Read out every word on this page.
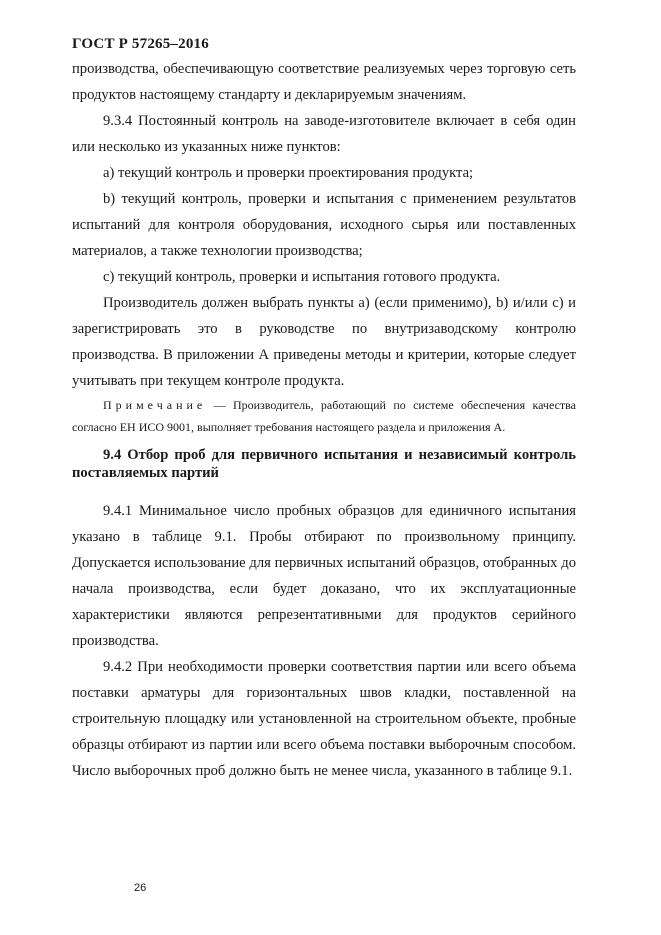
ГОСТ Р 57265–2016

производства, обеспечивающую соответствие реализуемых через торговую сеть продуктов настоящему стандарту и декларируемым значениям.

9.3.4 Постоянный контроль на заводе-изготовителе включает в себя один или несколько из указанных ниже пунктов:

а) текущий контроль и проверки проектирования продукта;

b) текущий контроль, проверки и испытания с применением результатов испытаний для контроля оборудования, исходного сырья или поставленных материалов, а также технологии производства;

с) текущий контроль, проверки и испытания готового продукта.

Производитель должен выбрать пункты а) (если применимо), b) и/или с) и зарегистрировать это в руководстве по внутризаводскому контролю производства. В приложении А приведены методы и критерии, которые следует учитывать при текущем контроле продукта.

Примечание — Производитель, работающий по системе обеспечения качества согласно ЕН ИСО 9001, выполняет требования настоящего раздела и приложения А.

9.4 Отбор проб для первичного испытания и независимый контроль поставляемых партий

9.4.1 Минимальное число пробных образцов для единичного испытания указано в таблице 9.1. Пробы отбирают по произвольному принципу. Допускается использование для первичных испытаний образцов, отобранных до начала производства, если будет доказано, что их эксплуатационные характеристики являются репрезентативными для продуктов серийного производства.

9.4.2 При необходимости проверки соответствия партии или всего объема поставки арматуры для горизонтальных швов кладки, поставленной на строительную площадку или установленной на строительном объекте, пробные образцы отбирают из партии или всего объема поставки выборочным способом. Число выборочных проб должно быть не менее числа, указанного в таблице 9.1.

26
